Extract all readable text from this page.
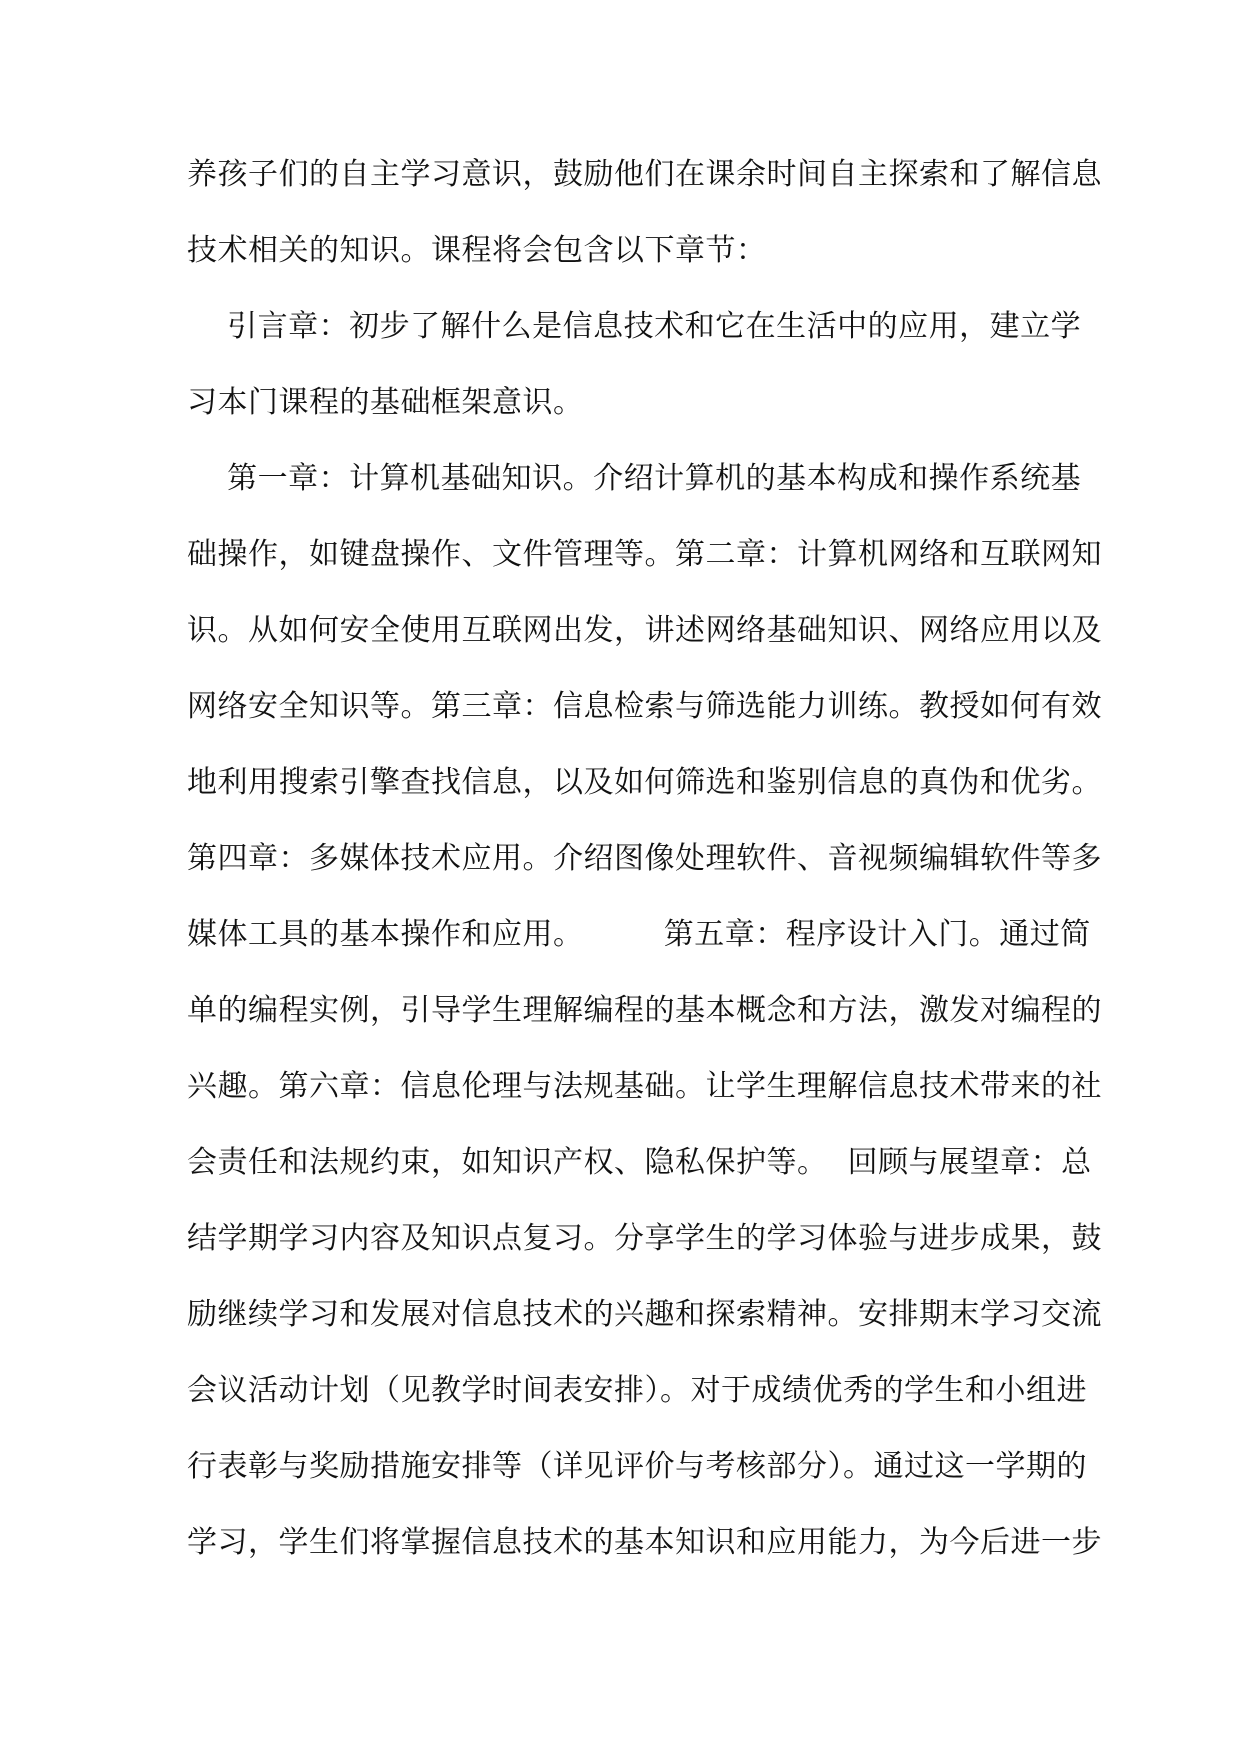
养孩子们的自主学习意识，鼓励他们在课余时间自主探索和了解信息
技术相关的知识。课程将会包含以下章节：
引言章：初步了解什么是信息技术和它在生活中的应用，建立学
习本门课程的基础框架意识。
第一章：计算机基础知识。介绍计算机的基本构成和操作系统基
础操作，如键盘操作、文件管理等。第二章：计算机网络和互联网知
识。从如何安全使用互联网出发，讲述网络基础知识、网络应用以及
网络安全知识等。第三章：信息检索与筛选能力训练。教授如何有效
地利用搜索引擎查找信息，以及如何筛选和鉴别信息的真伪和优劣。
第四章：多媒体技术应用。介绍图像处理软件、音视频编辑软件等多
媒体工具的基本操作和应用。        第五章：程序设计入门。通过简
单的编程实例，引导学生理解编程的基本概念和方法，激发对编程的
兴趣。第六章：信息伦理与法规基础。让学生理解信息技术带来的社
会责任和法规约束，如知识产权、隐私保护等。  回顾与展望章：总
结学期学习内容及知识点复习。分享学生的学习体验与进步成果，鼓
励继续学习和发展对信息技术的兴趣和探索精神。安排期末学习交流
会议活动计划（见教学时间表安排）。对于成绩优秀的学生和小组进
行表彰与奖励措施安排等（详见评价与考核部分）。通过这一学期的
学习，学生们将掌握信息技术的基本知识和应用能力，为今后进一步
